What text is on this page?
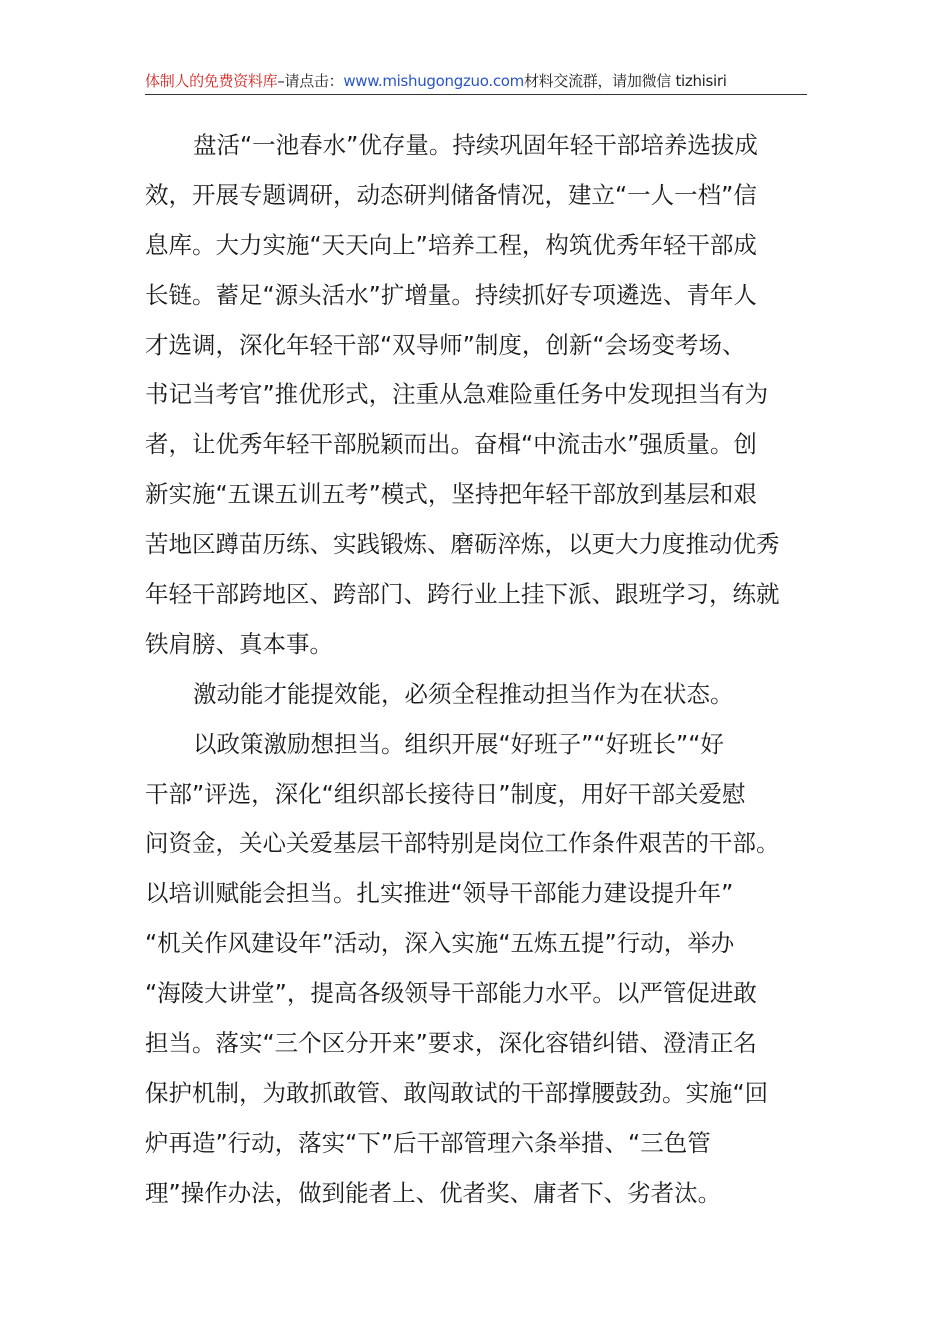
体制人的免费资料库–请点击：www.mishugongzuo.com材料交流群，请加微信 tizhisiri
盘活“一池春水”优存量。持续巩固年轻干部培养选拔成
效，开展专题调研，动态研判储备情况，建立“一人一档”信
息库。大力实施“天天向上”培养工程，构筑优秀年轻干部成
长链。蓄足“源头活水”扩增量。持续抓好专项遴选、青年人
才选调，深化年轻干部“双导师”制度，创新“会场变考场、
书记当考官”推优形式，注重从急难险重任务中发现担当有为
者，让优秀年轻干部脱颖而出。奋楫“中流击水”强质量。创
新实施“五课五训五考”模式，坚持把年轻干部放到基层和艰
苦地区蹲苗历练、实践锻炼、磨砺淬炼，以更大力度推动优秀
年轻干部跨地区、跨部门、跨行业上挂下派、跟班学习，练就
铁肩膀、真本事。
激动能才能提效能，必须全程推动担当作为在状态。
以政策激励想担当。组织开展“好班子”“好班长”“好
干部”评选，深化“组织部长接待日”制度，用好干部关爱慰
问资金，关心关爱基层干部特别是岗位工作条件艰苦的干部。
以培训赋能会担当。扎实推进“领导干部能力建设提升年”
“机关作风建设年”活动，深入实施“五炼五提”行动，举办
“海陵大讲堂”，提高各级领导干部能力水平。以严管促进敢
担当。落实“三个区分开来”要求，深化容错纠错、澄清正名
保护机制，为敢抓敢管、敢闯敢试的干部撑腰鼓劲。实施“回
炉再造”行动，落实“下”后干部管理六条举措、“三色管
理”操作办法，做到能者上、优者奖、庸者下、劣者汰。
